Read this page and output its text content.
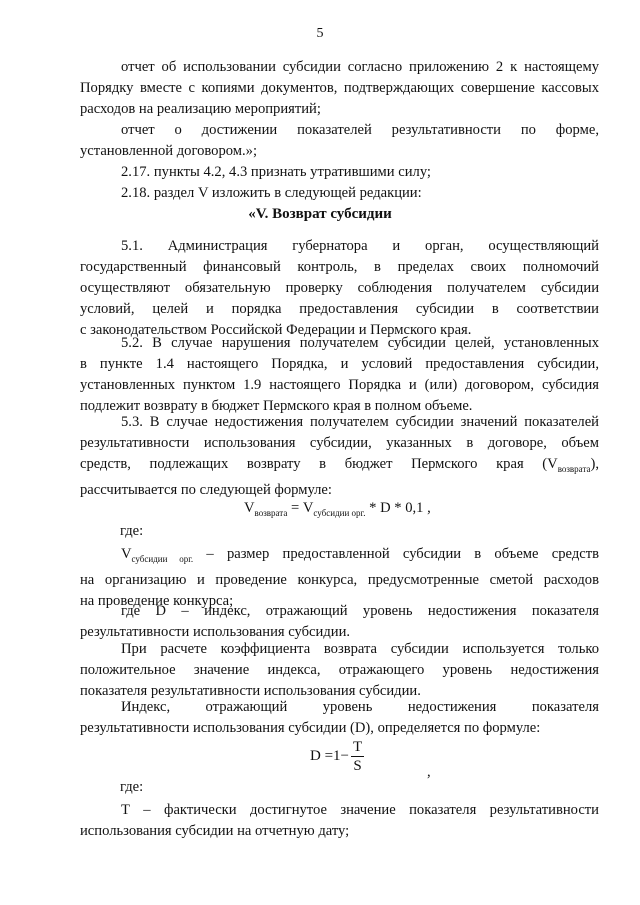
5
отчет об использовании субсидии согласно приложению 2 к настоящему
Порядку вместе с копиями документов, подтверждающих совершение кассовых
расходов на реализацию мероприятий;
отчет о достижении показателей результативности по форме,
установленной договором.»;
2.17. пункты 4.2, 4.3 признать утратившими силу;
2.18. раздел V изложить в следующей редакции:
«V. Возврат субсидии
5.1. Администрация губернатора и орган, осуществляющий
государственный финансовый контроль, в пределах своих полномочий
осуществляют обязательную проверку соблюдения получателем субсидии
условий, целей и порядка предоставления субсидии в соответствии
с законодательством Российской Федерации и Пермского края.
5.2. В случае нарушения получателем субсидии целей, установленных
в пункте 1.4 настоящего Порядка, и условий предоставления субсидии,
установленных пунктом 1.9 настоящего Порядка и (или) договором, субсидия
подлежит возврату в бюджет Пермского края в полном объеме.
5.3. В случае недостижения получателем субсидии значений показателей
результативности использования субсидии, указанных в договоре, объем
средств, подлежащих возврату в бюджет Пермского края $(V_{возврата})$,
рассчитывается по следующей формуле:
$V_{возврата} = V_{субсидии орг.} * D * 0,1$ ,
где:
$V_{субсидии орг.}$ – размер предоставленной субсидии в объеме средств
на организацию и проведение конкурса, предусмотренные сметой расходов
на проведение конкурса;
где D – индекс, отражающий уровень недостижения показателя
результативности использования субсидии.
При расчете коэффициента возврата субсидии используется только
положительное значение индекса, отражающего уровень недостижения
показателя результативности использования субсидии.
Индекс, отражающий уровень недостижения показателя
результативности использования субсидии (D), определяется по формуле:
$D =1- \frac{T}{S}$	,
где:
Т – фактически достигнутое значение показателя результативности
использования субсидии на отчетную дату;
